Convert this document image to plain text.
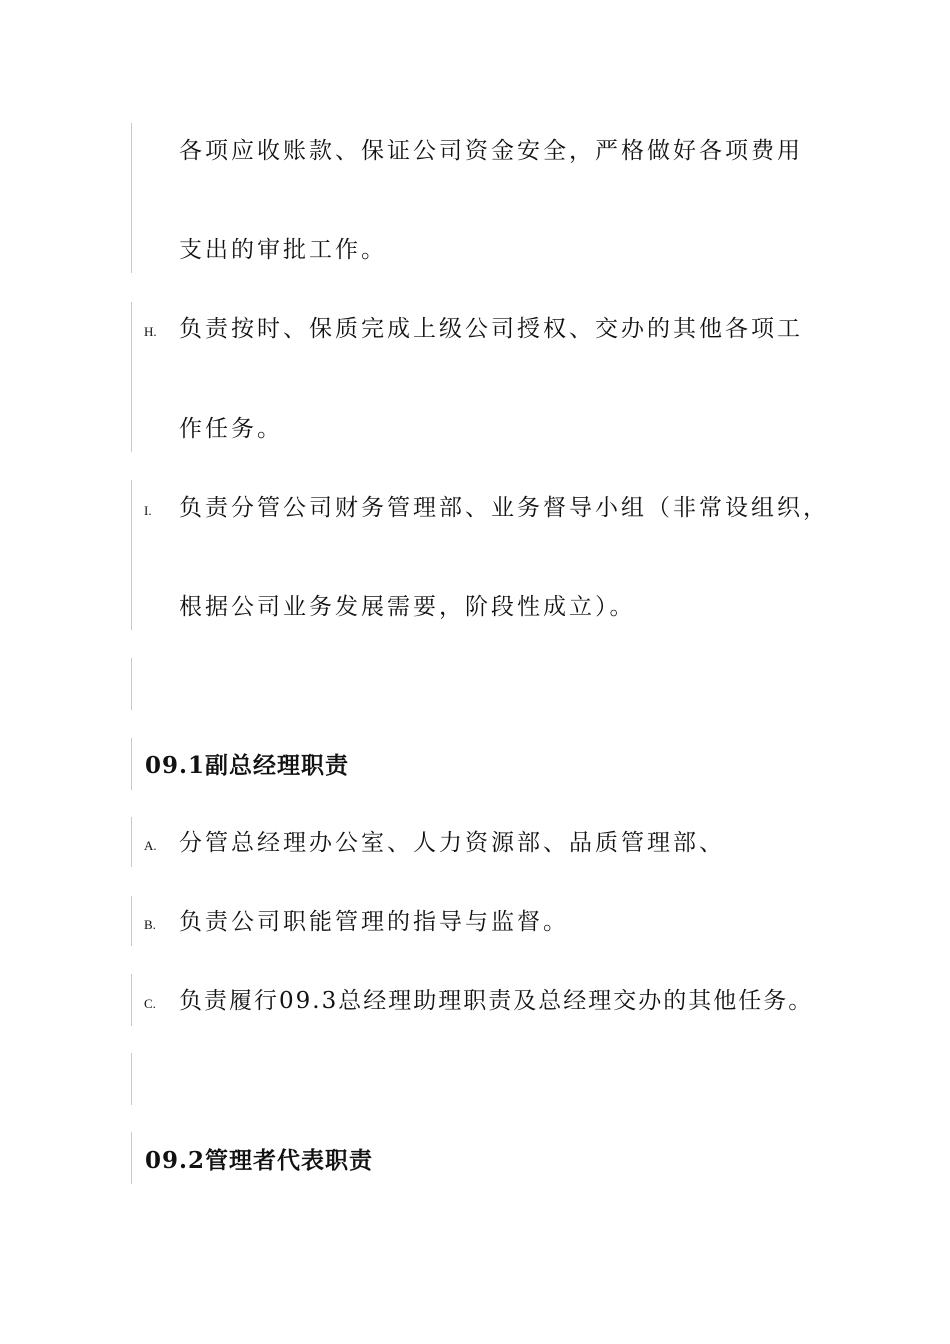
各项应收账款、保证公司资金安全，严格做好各项费用
支出的审批工作。
H. 负责按时、保质完成上级公司授权、交办的其他各项工
作任务。
I. 负责分管公司财务管理部、业务督导小组（非常设组织，
根据公司业务发展需要，阶段性成立）。
09.1副总经理职责
A. 分管总经理办公室、人力资源部、品质管理部、
B. 负责公司职能管理的指导与监督。
C. 负责履行09.3总经理助理职责及总经理交办的其他任务。
09.2管理者代表职责
